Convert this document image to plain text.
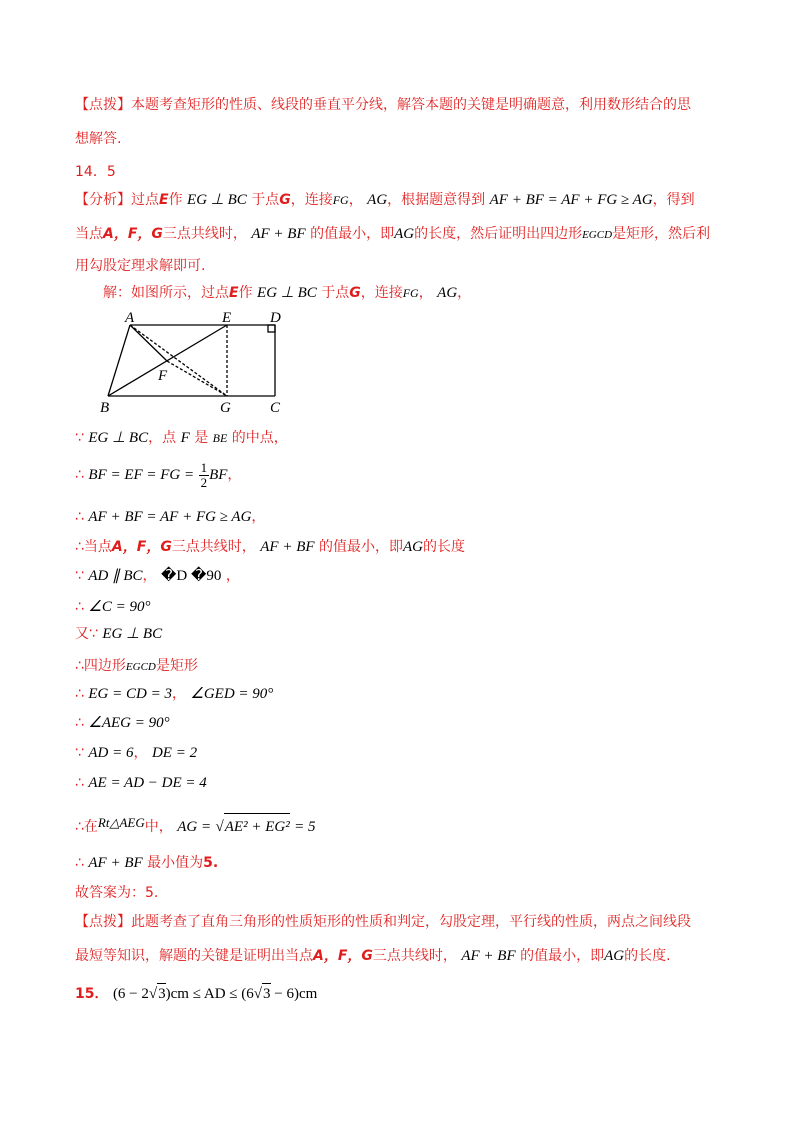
【点拨】本题考查矩形的性质、线段的垂直平分线，解答本题的关键是明确题意，利用数形结合的思
想解答.
14．5
【分析】过点E作 EG ⊥ BC 于点G，连接FG， AG，根据题意得到 AF + BF = AF + FG ≥ AG，得到
当点A，F，G三点共线时， AF + BF 的值最小，即AG的长度，然后证明出四边形EGCD是矩形，然后利
用勾股定理求解即可.
解：如图所示，过点E作 EG ⊥ BC 于点G，连接FG， AG，
A	E	D
B	G	C
F
∵ EG ⊥ BC，点 F 是 BE 的中点，
∴ BF = EF = FG = $\frac{1}{2}$ BF，
∴ AF + BF = AF + FG ≥ AG，
∴当点A，F，G三点共线时， AF + BF 的值最小，即AG的长度
∵ AD ∥ BC， �D �90 ，
∴ ∠C = 90°
又∵ EG ⊥ BC
∴四边形EGCD是矩形
∴ EG = CD = 3， ∠GED = 90°
∴ ∠AEG = 90°
∵ AD = 6， DE = 2
∴ AE = AD − DE = 4
∴在Rt△AEG中， AG = √AE² + EG² = 5
∴ AF + BF 最小值为5.
故答案为：5.
【点拨】此题考查了直角三角形的性质矩形的性质和判定，勾股定理，平行线的性质，两点之间线段
最短等知识，解题的关键是证明出当点A，F，G三点共线时， AF + BF 的值最小，即AG的长度.
15． (6 − 2√3)cm ≤ AD ≤ (6√3 − 6)cm
